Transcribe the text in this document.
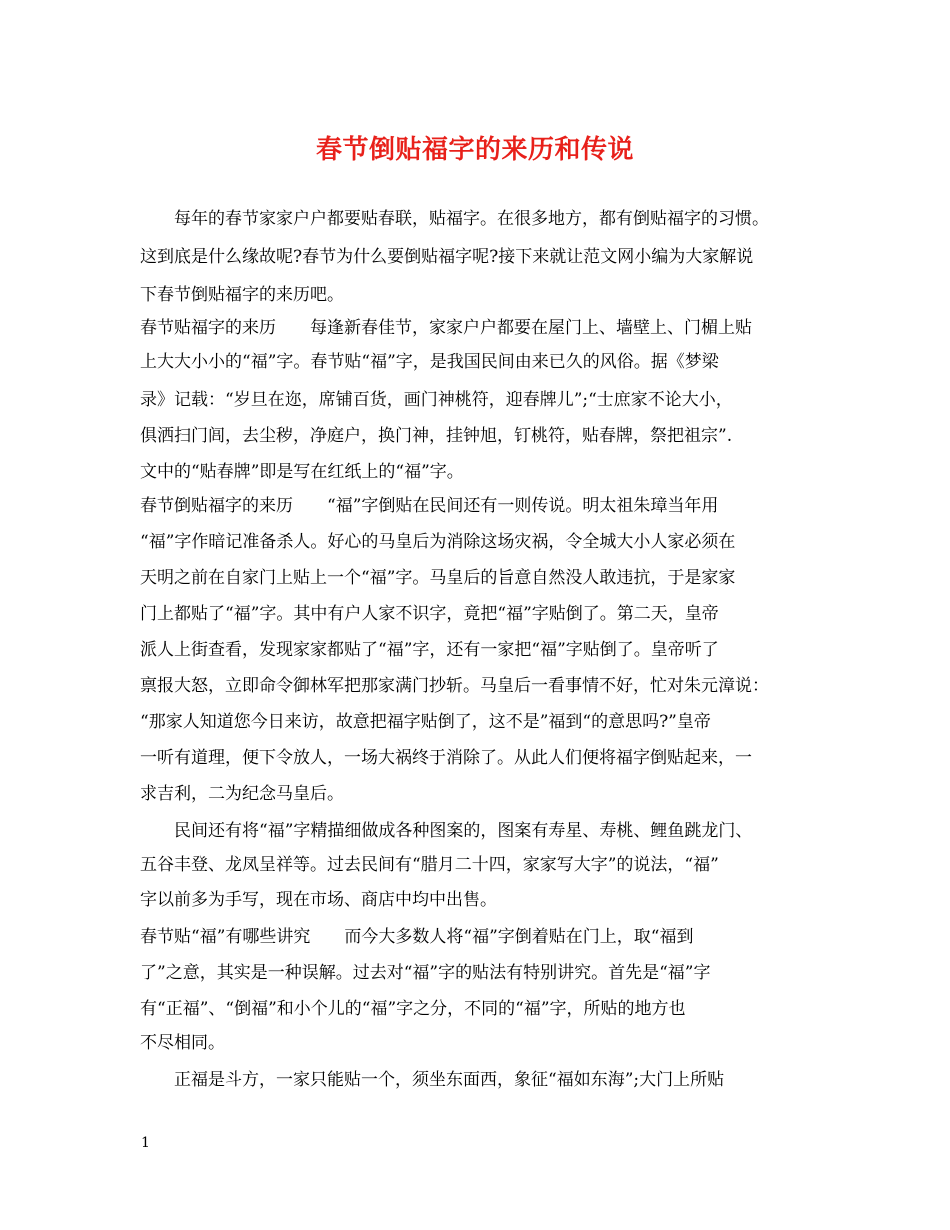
春节倒贴福字的来历和传说
　　每年的春节家家户户都要贴春联，贴福字。在很多地方，都有倒贴福字的习惯。
这到底是什么缘故呢?春节为什么要倒贴福字呢?接下来就让范文网小编为大家解说
下春节倒贴福字的来历吧。
春节贴福字的来历　　每逢新春佳节，家家户户都要在屋门上、墙壁上、门楣上贴
上大大小小的“福”字。春节贴“福”字，是我国民间由来已久的风俗。据《梦梁
录》记载：“岁旦在迩，席铺百货，画门神桃符，迎春牌儿”;“士庶家不论大小，
俱洒扫门闾，去尘秽，净庭户，换门神，挂钟旭，钉桃符，贴春牌，祭把祖宗”.
文中的“贴春牌”即是写在红纸上的“福”字。
春节倒贴福字的来历　　“福”字倒贴在民间还有一则传说。明太祖朱璋当年用
“福”字作暗记准备杀人。好心的马皇后为消除这场灾祸，令全城大小人家必须在
天明之前在自家门上贴上一个“福”字。马皇后的旨意自然没人敢违抗，于是家家
门上都贴了“福”字。其中有户人家不识字，竟把“福”字贴倒了。第二天，皇帝
派人上街查看，发现家家都贴了“福”字，还有一家把“福”字贴倒了。皇帝听了
禀报大怒，立即命令御林军把那家满门抄斩。马皇后一看事情不好，忙对朱元漳说：
“那家人知道您今日来访，故意把福字贴倒了，这不是”福到“的意思吗?”皇帝
一听有道理，便下令放人，一场大祸终于消除了。从此人们便将福字倒贴起来，一
求吉利，二为纪念马皇后。
　　民间还有将“福”字精描细做成各种图案的，图案有寿星、寿桃、鲤鱼跳龙门、
五谷丰登、龙凤呈祥等。过去民间有“腊月二十四，家家写大字”的说法，“福”
字以前多为手写，现在市场、商店中均中出售。
春节贴“福”有哪些讲究　　而今大多数人将“福”字倒着贴在门上，取“福到
了”之意，其实是一种误解。过去对“福”字的贴法有特别讲究。首先是“福”字
有“正福”、“倒福”和小个儿的“福”字之分，不同的“福”字，所贴的地方也
不尽相同。
　　正福是斗方，一家只能贴一个，须坐东面西，象征“福如东海”;大门上所贴
1
